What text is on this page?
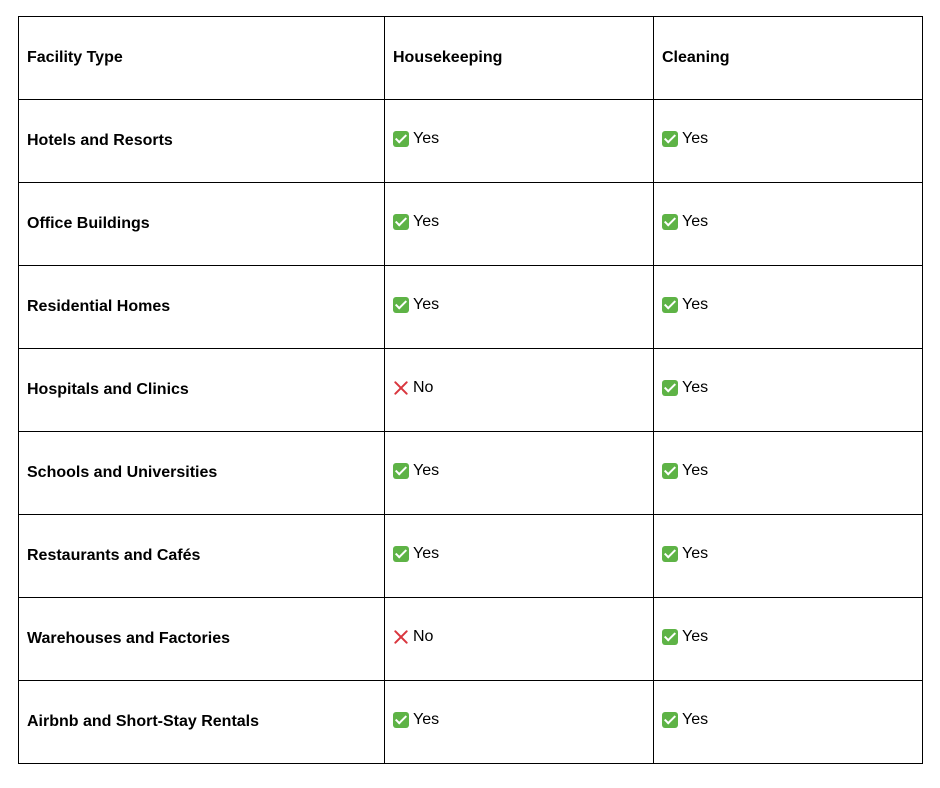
Facility Type	Housekeeping	Cleaning
Hotels and Resorts	Yes	Yes

Office Buildings	Yes	Yes

Residential Homes	Yes	Yes

Hospitals and Clinics	No	Yes

Schools and Universities	Yes	Yes

Restaurants and Cafés	Yes	Yes

Warehouses and Factories	No	Yes

Airbnb and Short-Stay Rentals	Yes	Yes
